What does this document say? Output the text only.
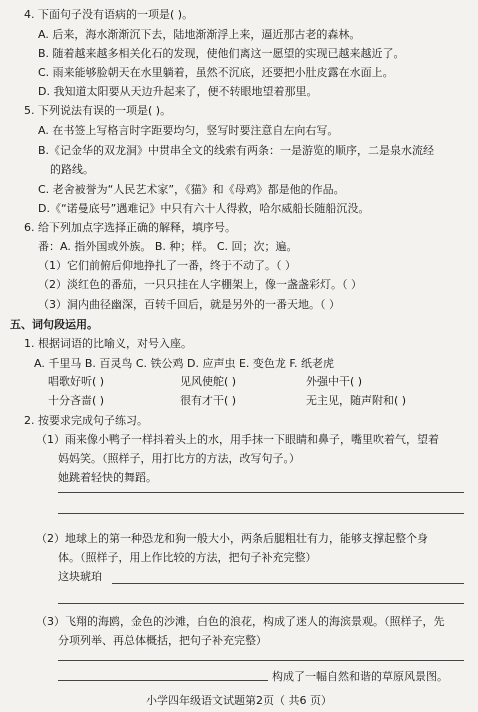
4. 下面句子没有语病的一项是( )。
A. 后来，海水渐渐沉下去，陆地渐渐浮上来，逼近那古老的森林。
B. 随着越来越多相关化石的发现，使他们离这一愿望的实现已越来越近了。
C. 雨来能够脸朝天在水里躺着，虽然不沉底，还要把小肚皮露在水面上。
D. 我知道太阳要从天边升起来了，便不转眼地望着那里。
5. 下列说法有误的一项是( )。
A. 在书签上写格言时字距要均匀，竖写时要注意自左向右写。
B.《记金华的双龙洞》中贯串全文的线索有两条：一是游览的顺序，二是泉水流经
的路线。
C. 老舍被誉为“人民艺术家”，《猫》和《母鸡》都是他的作品。
D.《“诺曼底号”遇难记》中只有六十人得救，哈尔威船长随船沉没。
6. 给下列加点字选择正确的解释，填序号。
番：A. 指外国或外族。 B. 种；样。 C. 回；次；遍。
（1）它们前俯后仰地挣扎了一番，终于不动了。（ ）
（2）淡红色的番茄，一只只挂在人字棚架上，像一盏盏彩灯。（ ）
（3）洞内曲径幽深，百转千回后，就是另外的一番天地。（ ）
五、词句段运用。
1. 根据词语的比喻义，对号入座。
A. 千里马 B. 百灵鸟 C. 铁公鸡 D. 应声虫 E. 变色龙 F. 纸老虎
唱歌好听( )	见风使舵( )	外强中干( )
十分吝啬( )	很有才干( )	无主见，随声附和( )
2. 按要求完成句子练习。
（1）雨来像小鸭子一样抖着头上的水，用手抹一下眼睛和鼻子，嘴里吹着气，望着
妈妈笑。（照样子，用打比方的方法，改写句子。）
她跳着轻快的舞蹈。
（2）地球上的第一种恐龙和狗一般大小，两条后腿粗壮有力，能够支撑起整个身
体。（照样子，用上作比较的方法，把句子补充完整）
这块琥珀
（3）飞翔的海鸥，金色的沙滩，白色的浪花，构成了迷人的海滨景观。（照样子，先
分项列举、再总体概括，把句子补充完整）
构成了一幅自然和谐的草原风景图。
小学四年级语文试题第2页（ 共6 页）
